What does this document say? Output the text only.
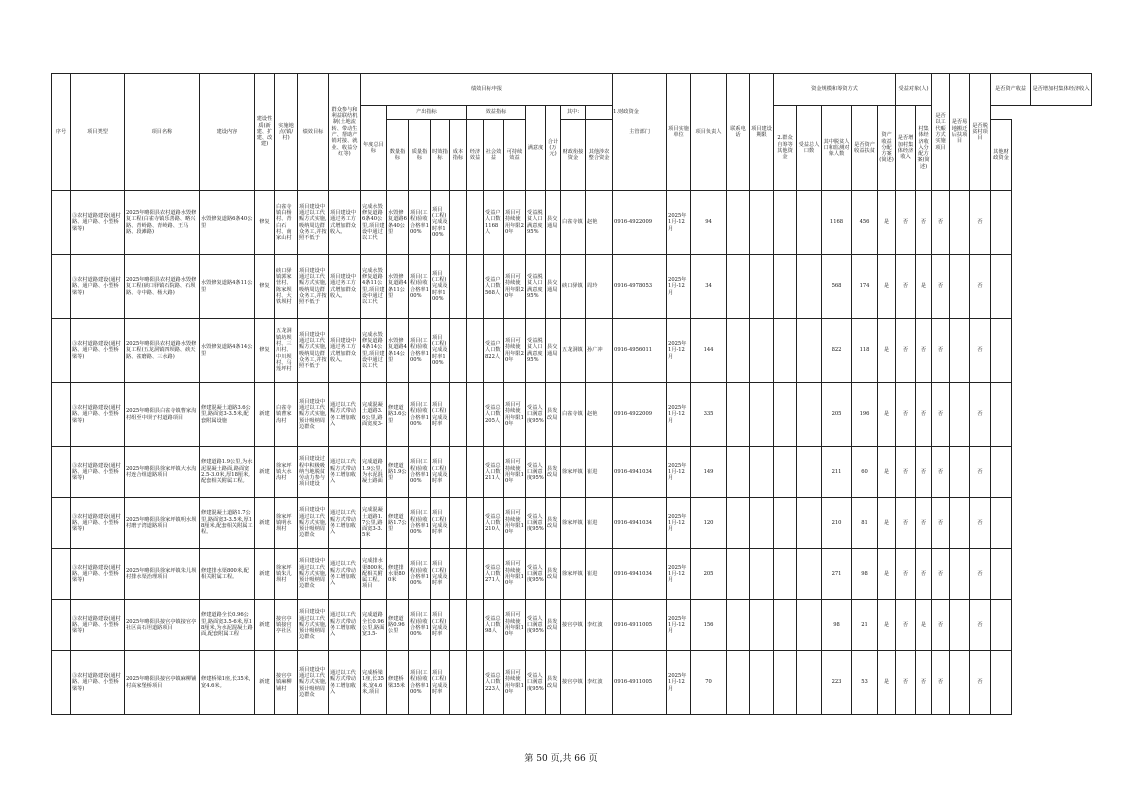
序号	项目类型	项目名称	建设内容	建设性质(新建、扩建、改建)	实施地点(镇/村)	绩效目标	群众参与和利益联结机制(土地流转、带动生产、帮助产销对接、就业、收益分红等)	绩效目标申报												主管部门	项目实施单位	项目负责人	联系电话	项目建设期限	资金规模和筹资方式					受益对象(人)		是否以工代赈方式实施项目	是否易地搬迁后扶项目	是否脱贫村项目	是否资产收益	是否增加村集体经济收入
								年度总目标	产出指标				效益指标			满意度	合计(万元)	其中:	1.财政资金						2.群众自筹等其他资金	受益总人口数	其中脱贫人口和监测对象人数	是否资产收益扶贫	资产收益分配方案(简述)	是否增加村集体经济收入	村集体经济收入分配方案(简述)					
									数量指标	质量指标	时效指标	成本指标	经济效益	社会效益	可持续效益			财政衔接资金	其他涉农整合资金																其他财政资金	

	③农村道路建设(通村路、通户路、小型桥梁等)	2025年略阳县农村道路水毁修复工程(白雀寺镇乐善路、略兴路、青岭路、青岭路、王马路、段滩路)	水毁修复道路6条40公里	修复	白雀寺镇白杨村、青白石村、南家山村	项目建设中通过以工代赈方式实施,吸纳周边群众务工,并按照不低于	项目建设中通过务工方式增加群众收入。	完成水毁修复道路6条40公里,项目建设中通过以工代	水毁修复道路6条40公里	项目(工程)验收合格率100%	项目(工程)完成及时率100%			受益户人口数1168人	项目可持续使用年限20年	受益脱贫人口满意度95%	县交通局	白雀寺镇	赵艳	0916-4922009	2025年1月-12月	94					1168	456	是	否	否	否		否		
	③农村道路建设(通村路、通户路、小型桥梁等)	2025年略阳县农村道路水毁修复工程(硖口驿镇石院路、石坝路、寺中路、杨大路)	水毁修复道路4条11公里	修复	硖口驿镇郭家营村、陈家坝村、大铁坝村	项目建设中通过以工代赈方式实施,吸纳周边群众务工,并按照不低于	项目建设中通过务工方式增加群众收入。	完成水毁修复道路4条11公里,项目建设中通过以工代	水毁修复道路4条11公里	项目(工程)验收合格率100%	项目(工程)完成及时率100%			受益户人口数568人	项目可持续使用年限20年	受益脱贫人口满意度95%	县交通局	硖口驿镇	周玲	0916-4978053	2025年1月-12月	34					568	174	是	否	是	否		否		
	③农村道路建设(通村路、通户路、小型桥梁等)	2025年略阳县农村道路水毁修复工程(五龙洞镇四坝路、硖天路、雀磨路、三水路)	水毁修复道路4条14公里	修复	五龙洞镇坊坝村、三川村、中川坝村、马莲坪村	项目建设中通过以工代赈方式实施,吸纳周边群众务工,并按照不低于	项目建设中通过务工方式增加群众收入。	完成水毁修复道路4条14公里,项目建设中通过以工代	水毁修复道路4条14公里	项目(工程)验收合格率100%	项目(工程)完成及时率100%			受益户人口数822人	项目可持续使用年限20年	受益脱贫人口满意度95%	县交通局	五龙洞镇	孙广冲	0916-4956011	2025年1月-12月	144					822	118	是	否	否	否		否		
	③农村道路建设(通村路、通户路、小型桥梁等)	2025年略阳县白雀寺镇曹家沟村组至中坝子村道路项目	修建混凝土道路3.6公里,路面宽3-3.5米,配套附属设施	新建	白雀寺镇曹家沟村	项目建设中通过以工代赈方式实施,预计吸纳周边群众	通过以工代赈方式带动务工增加收入	完成混凝土道路3.6公里,路面宽度3-	修建道路3.6公里	项目(工程)验收合格率100%	项目(工程)完成及时率			受益总人口数205人	项目可持续使用年限10年	受益人口满意度95%	县发改局	白雀寺镇	赵艳	0916-4922009	2025年1月-12月	335					205	196	是	否	否	否		否		
	③农村道路建设(通村路、通户路、小型桥梁等)	2025年略阳县徐家坪镇大水沟村连合组道路项目	修建道路1.9公里,为水泥混凝土路面,路面宽2.5-3.0米,厚18厘米,配套相关附属工程。	新建	徐家坪镇大水沟村	项目建设过程中积极吸纳当地脱贫劳动力参与项目建设	通过以工代赈方式带动务工增加收入	完成道路1.9公里,为水泥混凝土路面	修建道路1.9公里	项目(工程)验收合格率100%	项目(工程)完成及时率			受益总人口数211人	项目可持续使用年限10年	受益人口满意度95%	县发改局	徐家坪镇	崔进	0916-4941034	2025年1月-12月	149					211	60	是	否	否	否		否		
	③农村道路建设(通村路、通户路、小型桥梁等)	2025年略阳县徐家坪镇明水坝村磨子湾道路项目	修建混凝土道路1.7公里,路面宽3-3.5米,厚18厘米,配套相关附属工程。	新建	徐家坪镇明水坝村	项目建设中通过以工代赈方式实施,预计吸纳周边群众	通过以工代赈方式带动务工增加收入	完成混凝土道路1.7公里,路面宽3-3.5米	修建道路1.7公里	项目(工程)验收合格率100%	项目(工程)完成及时率			受益总人口数210人	项目可持续使用年限10年	受益人口满意度95%	县发改局	徐家坪镇	崔进	0916-4941034	2025年1月-12月	120					210	81	是	否	否	否		否		
	③农村道路建设(通村路、通户路、小型桥梁等)	2025年略阳县徐家坪镇朱儿坝村排水渠治理项目	修建排水渠800米,配相关附属工程。	新建	徐家坪镇朱儿坝村	项目建设中通过以工代赈方式实施,预计吸纳周边群众	通过以工代赈方式带动务工增加收入	完成排水渠800米,配相关附属工程。项目	修建排水渠800米	项目(工程)验收合格率100%	项目(工程)完成及时率			受益总人口数271人	项目可持续使用年限10年	受益人口满意度95%	县发改局	徐家坪镇	崔进	0916-4941034	2025年1月-12月	205					271	98	是	否	否	否		否		
	③农村道路建设(通村路、通户路、小型桥梁等)	2025年略阳县接官亭镇接官亭社区高石坦道路项目	修建道路全长0.96公里,路面宽3.5-6米,厚18厘米,为水泥混凝土路面,配套附属工程	新建	接官亭镇接官亭社区	项目建设中通过以工代赈方式实施,预计吸纳周边群众	通过以工代赈方式带动务工增加收入	完成道路全长0.96公里,路面宽3.5-	修建道路0.96公里	项目(工程)验收合格率100%	项目(工程)完成及时率			受益总人口数98人	项目可持续使用年限10年	受益人口满意度95%	县发改局	接官亭镇	李红波	0916-4911005	2025年1月-12月	156					98	21	是	否	是	否		否		
	③农村道路建设(通村路、通户路、小型桥梁等)	2025年略阳县接官亭镇麻柳铺村高家堡桥项目	修建桥梁1座,长35米,宽4.6米。	新建	接官亭镇麻柳铺村	项目建设中通过以工代赈方式实施,预计吸纳周边群众	通过以工代赈方式带动务工增加收入	完成桥梁1座,长35米,宽4.6米,项目	修建桥梁35米	项目(工程)验收合格率100%	项目(工程)完成及时率			受益总人口数223人	项目可持续使用年限10年	受益人口满意度95%	县发改局	接官亭镇	李红波	0916-4911005	2025年1月-12月	70					223	53	是	否	否	否		否		
第 50 页,共 66 页
